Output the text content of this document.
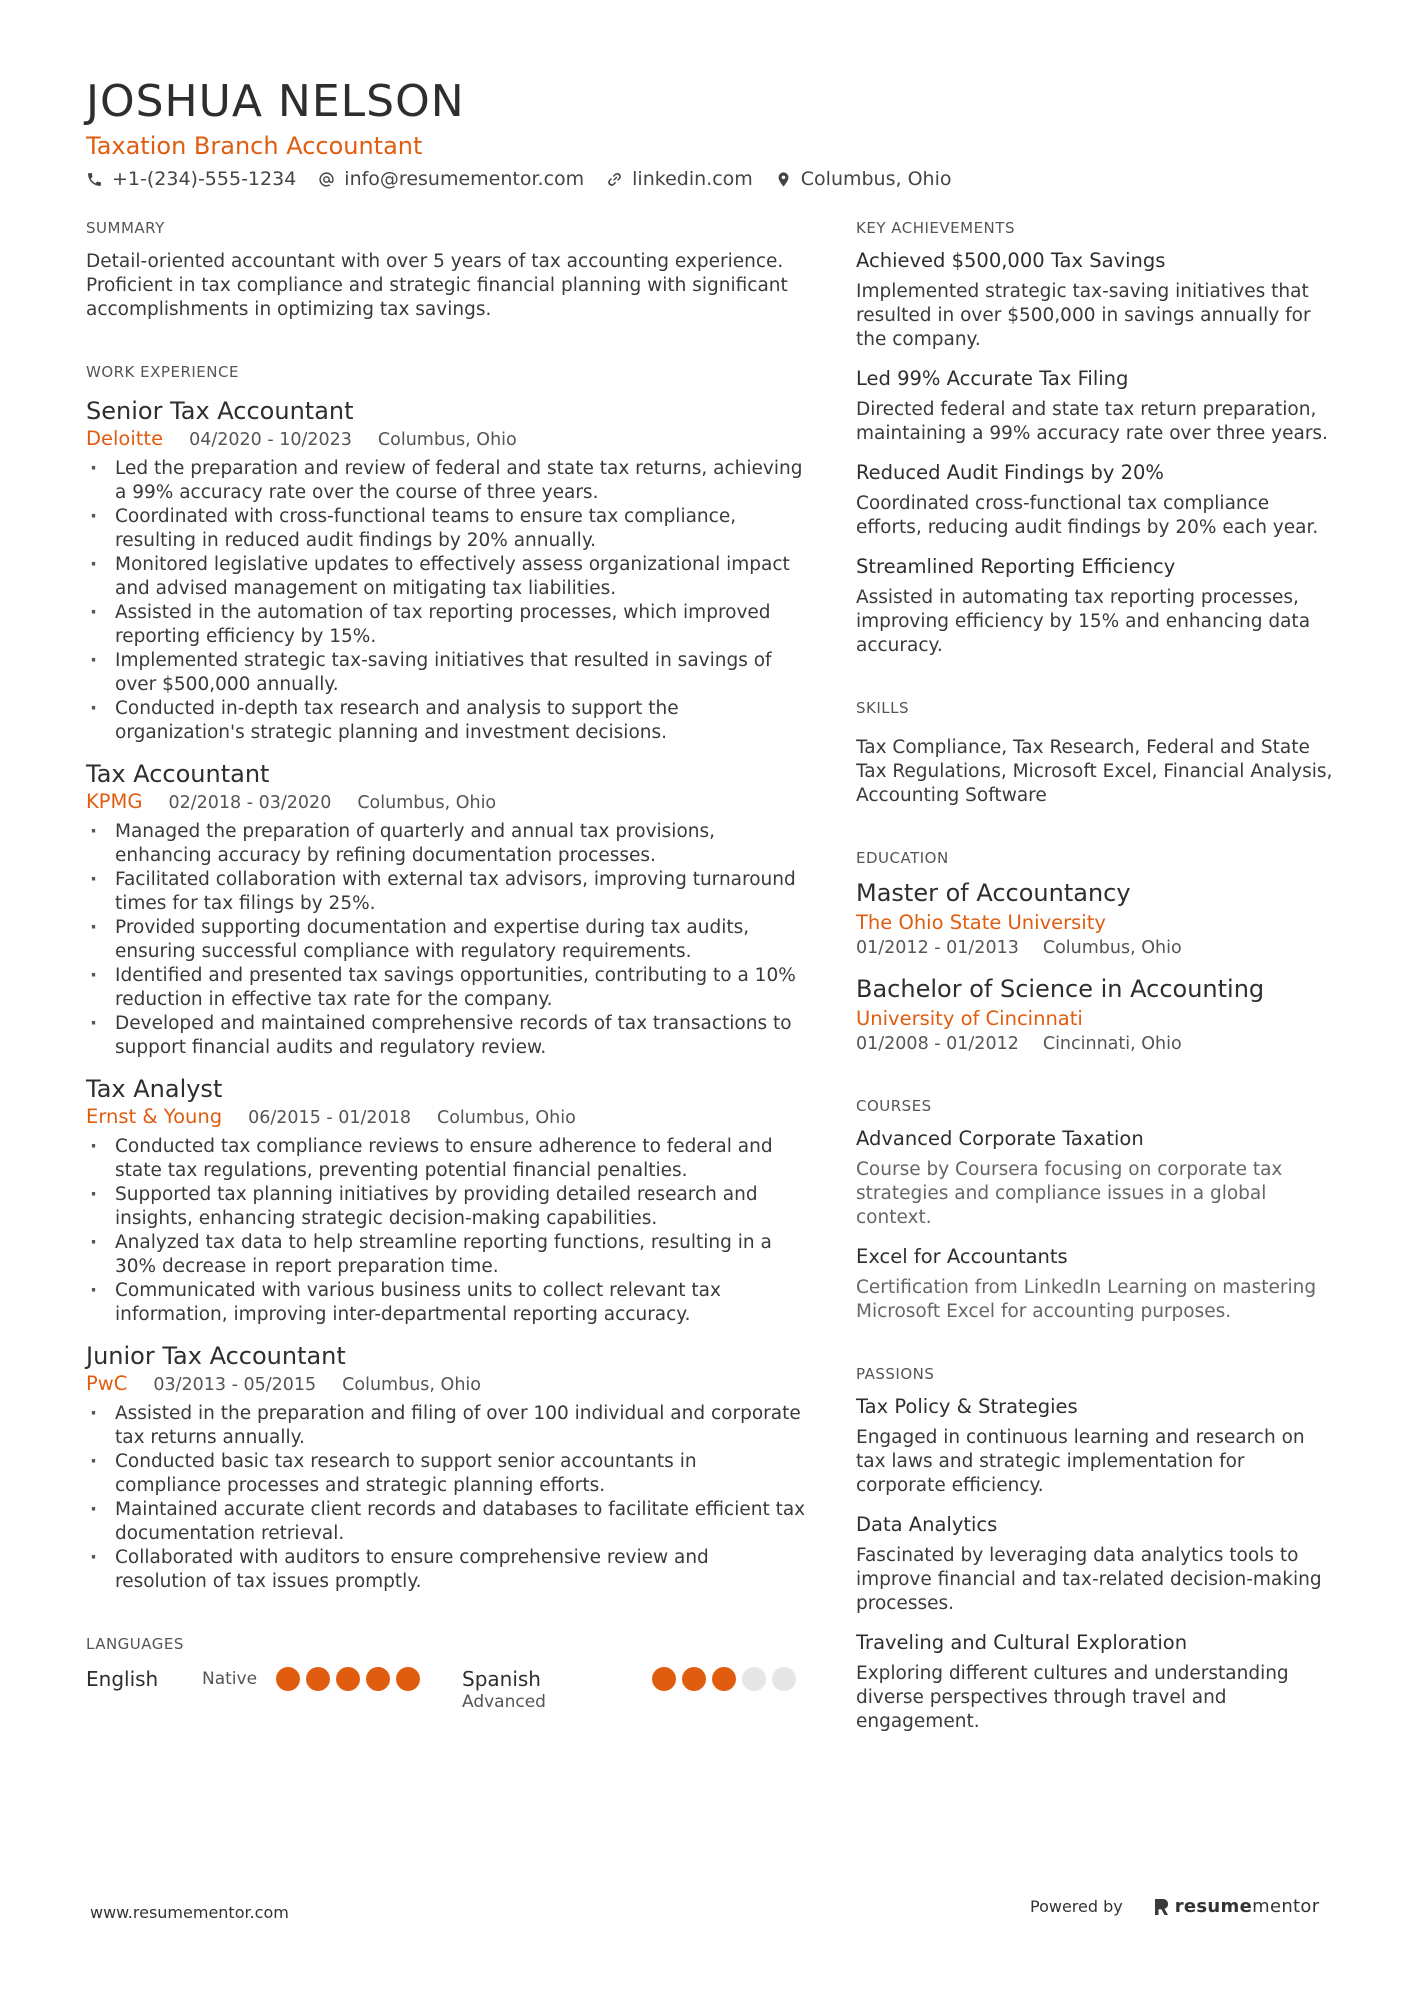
JOSHUA NELSON
Taxation Branch Accountant
+1-(234)-555-1234	info@resumementor.com	linkedin.com	Columbus, Ohio
SUMMARY

Detail-oriented accountant with over 5 years of tax accounting experience. Proficient in tax compliance and strategic financial planning with significant accomplishments in optimizing tax savings.

WORK EXPERIENCE
Senior Tax Accountant
Deloitte 04/2020 - 10/2023 Columbus, Ohio
· Led the preparation and review of federal and state tax returns, achieving a 99% accuracy rate over the course of three years.
· Coordinated with cross-functional teams to ensure tax compliance, resulting in reduced audit findings by 20% annually.
· Monitored legislative updates to effectively assess organizational impact and advised management on mitigating tax liabilities.
· Assisted in the automation of tax reporting processes, which improved reporting efficiency by 15%.
· Implemented strategic tax-saving initiatives that resulted in savings of over $500,000 annually.
· Conducted in-depth tax research and analysis to support the organization's strategic planning and investment decisions.
Tax Accountant
KPMG 02/2018 - 03/2020 Columbus, Ohio
· Managed the preparation of quarterly and annual tax provisions, enhancing accuracy by refining documentation processes.
· Facilitated collaboration with external tax advisors, improving turnaround times for tax filings by 25%.
· Provided supporting documentation and expertise during tax audits, ensuring successful compliance with regulatory requirements.
· Identified and presented tax savings opportunities, contributing to a 10% reduction in effective tax rate for the company.
· Developed and maintained comprehensive records of tax transactions to support financial audits and regulatory review.
Tax Analyst
Ernst & Young 06/2015 - 01/2018 Columbus, Ohio
· Conducted tax compliance reviews to ensure adherence to federal and state tax regulations, preventing potential financial penalties.
· Supported tax planning initiatives by providing detailed research and insights, enhancing strategic decision-making capabilities.
· Analyzed tax data to help streamline reporting functions, resulting in a 30% decrease in report preparation time.
· Communicated with various business units to collect relevant tax information, improving inter-departmental reporting accuracy.
Junior Tax Accountant
PwC 03/2013 - 05/2015 Columbus, Ohio
· Assisted in the preparation and filing of over 100 individual and corporate tax returns annually.
· Conducted basic tax research to support senior accountants in compliance processes and strategic planning efforts.
· Maintained accurate client records and databases to facilitate efficient tax documentation retrieval.
· Collaborated with auditors to ensure comprehensive review and resolution of tax issues promptly.
LANGUAGES
English	Native	Spanish
Advanced
KEY ACHIEVEMENTS
Achieved $500,000 Tax Savings
Implemented strategic tax-saving initiatives that resulted in over $500,000 in savings annually for the company.
Led 99% Accurate Tax Filing
Directed federal and state tax return preparation, maintaining a 99% accuracy rate over three years.
Reduced Audit Findings by 20%
Coordinated cross-functional tax compliance efforts, reducing audit findings by 20% each year.
Streamlined Reporting Efficiency
Assisted in automating tax reporting processes, improving efficiency by 15% and enhancing data accuracy.
SKILLS

Tax Compliance, Tax Research, Federal and State Tax Regulations, Microsoft Excel, Financial Analysis, Accounting Software

EDUCATION
Master of Accountancy
The Ohio State University
01/2012 - 01/2013 Columbus, Ohio
Bachelor of Science in Accounting
University of Cincinnati
01/2008 - 01/2012 Cincinnati, Ohio
COURSES
Advanced Corporate Taxation
Course by Coursera focusing on corporate tax strategies and compliance issues in a global context.
Excel for Accountants
Certification from LinkedIn Learning on mastering Microsoft Excel for accounting purposes.
PASSIONS
Tax Policy & Strategies
Engaged in continuous learning and research on tax laws and strategic implementation for corporate efficiency.
Data Analytics
Fascinated by leveraging data analytics tools to improve financial and tax-related decision-making processes.
Traveling and Cultural Exploration
Exploring different cultures and understanding diverse perspectives through travel and engagement.
www.resumementor.com	Powered by	resume mentor
